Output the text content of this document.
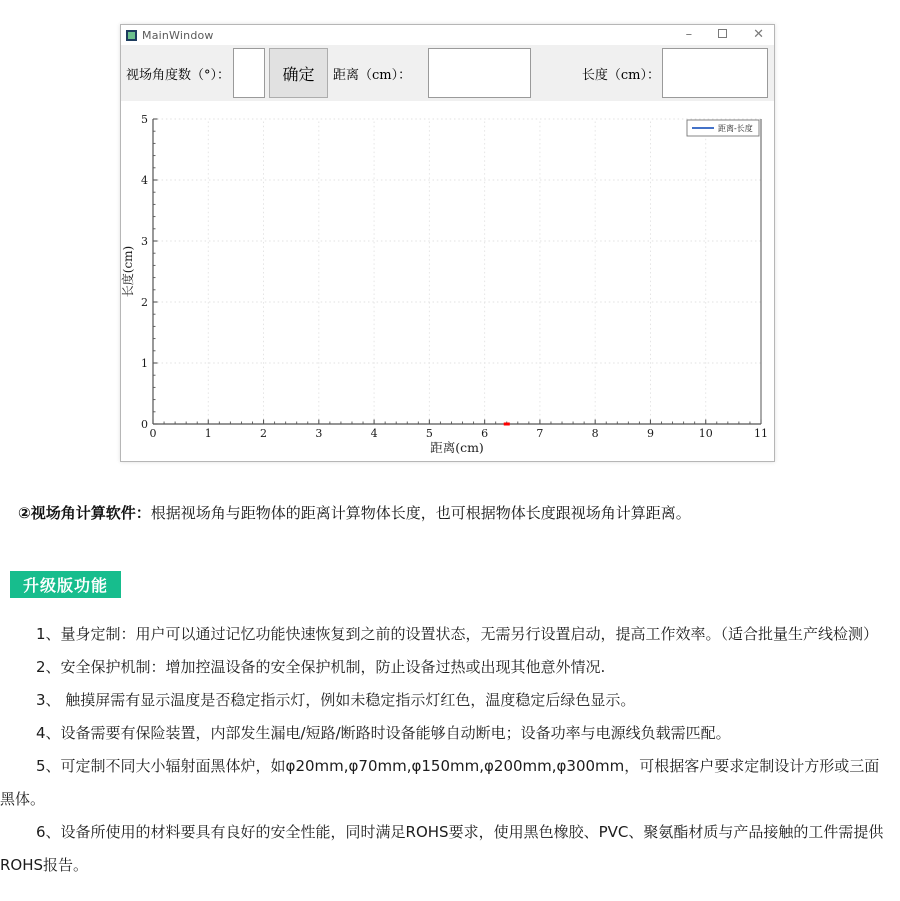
MainWindow	–	✕
视场角度数（°）：	确定	距离（cm）：	长度（cm）：
0	1	2	3	4	5	6	7	8	9	10	11
0
1
2
3
4
5
距离(cm)
长度(cm)
距离-长度

②视场角计算软件：根据视场角与距物体的距离计算物体长度，也可根据物体长度跟视场角计算距离。

升级版功能

1、量身定制：用户可以通过记忆功能快速恢复到之前的设置状态，无需另行设置启动，提高工作效率。（适合批量生产线检测）

2、安全保护机制：增加控温设备的安全保护机制，防止设备过热或出现其他意外情况.

3、 触摸屏需有显示温度是否稳定指示灯，例如未稳定指示灯红色，温度稳定后绿色显示。

4、设备需要有保险装置，内部发生漏电/短路/断路时设备能够自动断电；设备功率与电源线负载需匹配。

5、可定制不同大小辐射面黑体炉，如φ20mm,φ70mm,φ150mm,φ200mm,φ300mm，可根据客户要求定制设计方形或三面黑体。

6、设备所使用的材料要具有良好的安全性能，同时满足ROHS要求，使用黑色橡胶、PVC、聚氨酯材质与产品接触的工件需提供ROHS报告。
